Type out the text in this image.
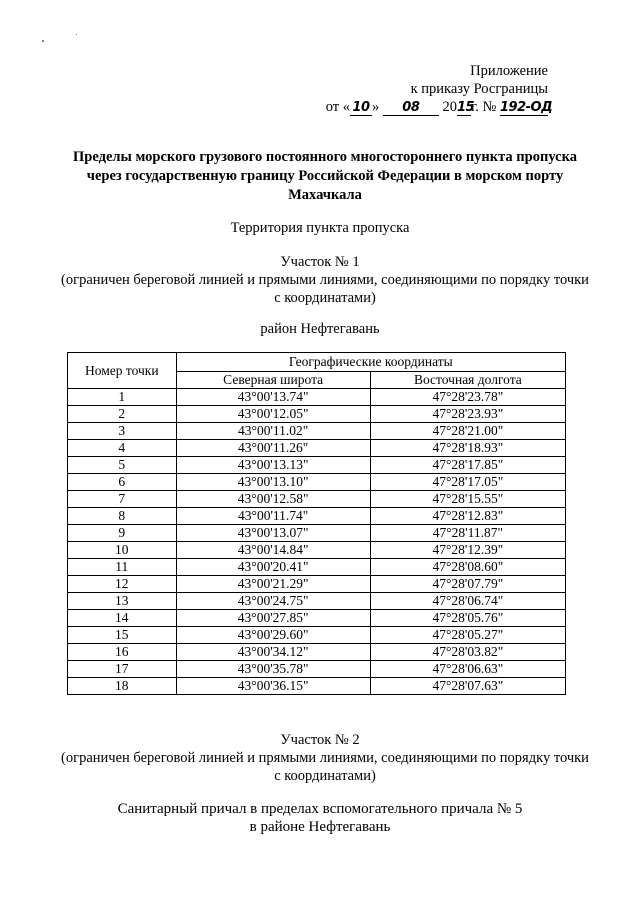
Приложение
к приказу Росграницы
от « 10 » 08 2015г. № 192-ОД
Пределы морского грузового постоянного многостороннего пункта пропуска через государственную границу Российской Федерации в морском порту Махачкала
Территория пункта пропуска
Участок № 1
(ограничен береговой линией и прямыми линиями, соединяющими по порядку точки с координатами)
район Нефтегавань
Номер точки	Географические координаты	
	Северная широта	Восточная долгота
1	43°00'13.74"	47°28'23.78"
2	43°00'12.05"	47°28'23.93"
3	43°00'11.02"	47°28'21.00"
4	43°00'11.26"	47°28'18.93"
5	43°00'13.13"	47°28'17.85"
6	43°00'13.10"	47°28'17.05"
7	43°00'12.58"	47°28'15.55"
8	43°00'11.74"	47°28'12.83"
9	43°00'13.07"	47°28'11.87"
10	43°00'14.84"	47°28'12.39"
11	43°00'20.41"	47°28'08.60"
12	43°00'21.29"	47°28'07.79"
13	43°00'24.75"	47°28'06.74"
14	43°00'27.85"	47°28'05.76"
15	43°00'29.60"	47°28'05.27"
16	43°00'34.12"	47°28'03.82"
17	43°00'35.78"	47°28'06.63"
18	43°00'36.15"	47°28'07.63"
Участок № 2
(ограничен береговой линией и прямыми линиями, соединяющими по порядку точки с координатами)
Санитарный причал в пределах вспомогательного причала № 5
в районе Нефтегавань
